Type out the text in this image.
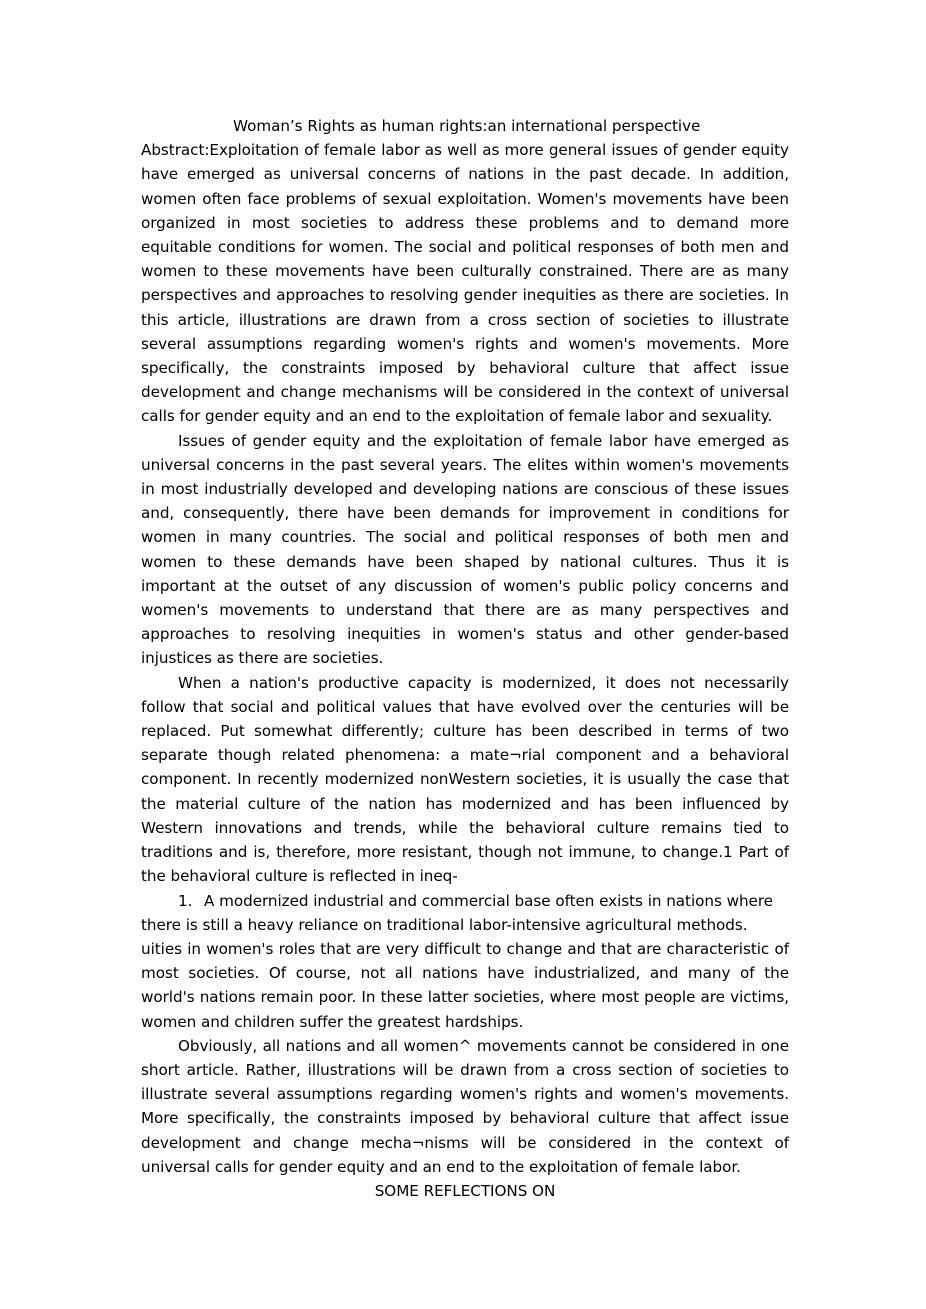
Woman’s Rights as human rights:an international perspective

Abstract:Exploitation of female labor as well as more general issues of gender equity have emerged as universal concerns of nations in the past decade. In addition, women often face problems of sexual exploitation. Women's movements have been organized in most societies to address these problems and to demand more equitable conditions for women. The social and political responses of both men and women to these movements have been culturally constrained. There are as many perspectives and approaches to resolving gender inequities as there are societies. In this article, illustrations are drawn from a cross section of societies to illustrate several assumptions regarding women's rights and women's movements. More specifically, the constraints imposed by behavioral culture that affect issue development and change mechanisms will be considered in the context of universal calls for gender equity and an end to the exploitation of female labor and sexuality.

Issues of gender equity and the exploitation of female labor have emerged as universal concerns in the past several years. The elites within women's movements in most industrially developed and developing nations are conscious of these issues and, consequently, there have been demands for improvement in conditions for women in many countries. The social and political responses of both men and women to these demands have been shaped by national cultures. Thus it is important at the outset of any discussion of women's public policy concerns and women's movements to understand that there are as many perspectives and approaches to resolving inequities in women's status and other gender-based injustices as there are societies.

When a nation's productive capacity is modernized, it does not necessarily follow that social and political values that have evolved over the centuries will be replaced. Put somewhat differently; culture has been described in terms of two separate though related phenomena: a mate¬rial component and a behavioral component. In recently modernized nonWestern societies, it is usually the case that the material culture of the nation has modernized and has been influenced by Western innovations and trends, while the behavioral culture remains tied to traditions and is, therefore, more resistant, though not immune, to change.1 Part of the behavioral culture is reflected in ineq-

1. A modernized industrial and commercial base often exists in nations where

there is still a heavy reliance on traditional labor-intensive agricultural methods.

uities in women's roles that are very difficult to change and that are characteristic of most societies. Of course, not all nations have industrialized, and many of the world's nations remain poor. In these latter societies, where most people are victims, women and children suffer the greatest hardships.

Obviously, all nations and all women^ movements cannot be considered in one short article. Rather, illustrations will be drawn from a cross section of societies to illustrate several assumptions regarding women's rights and women's movements. More specifically, the constraints imposed by behavioral culture that affect issue development and change mecha¬nisms will be considered in the context of universal calls for gender equity and an end to the exploitation of female labor.

SOME REFLECTIONS ON
